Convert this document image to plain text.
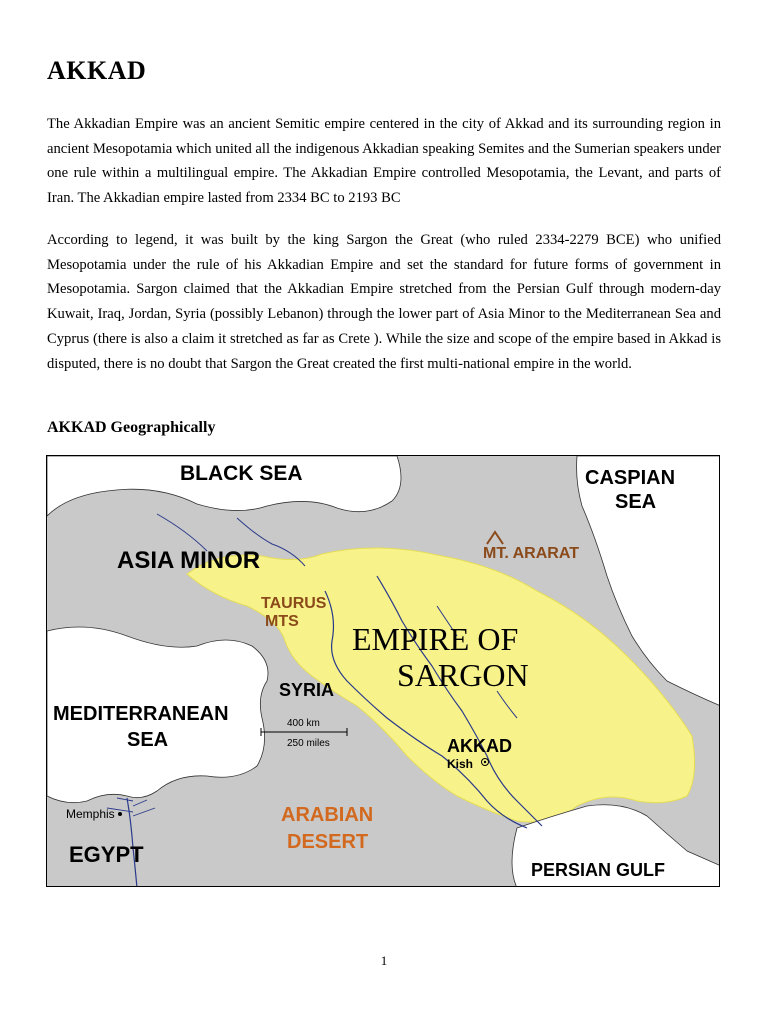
AKKAD

The Akkadian Empire was an ancient Semitic empire centered in the city of Akkad and its surrounding region in ancient Mesopotamia which united all the indigenous Akkadian speaking Semites and the Sumerian speakers under one rule within a multilingual empire. The Akkadian Empire controlled Mesopotamia, the Levant, and parts of Iran. The Akkadian empire lasted from 2334 BC to 2193 BC

According to legend, it was built by the king Sargon the Great (who ruled 2334-2279 BCE) who unified Mesopotamia under the rule of his Akkadian Empire and set the standard for future forms of government in Mesopotamia. Sargon claimed that the Akkadian Empire stretched from the Persian Gulf through modern-day Kuwait, Iraq, Jordan, Syria (possibly Lebanon) through the lower part of Asia Minor to the Mediterranean Sea and Cyprus (there is also a claim it stretched as far as Crete ). While the size and scope of the empire based in Akkad is disputed, there is no doubt that Sargon the Great created the first multi-national empire in the world.

AKKAD Geographically
BLACK SEA	CASPIAN
SEA
ASIA MINOR	MT. ARARAT
TAURUS
MTS EMPIRE OF
SARGON
SYRIA
MEDITERRANEAN
SEA
400 km
250 miles	AKKAD
Kish
Memphis	ARABIAN
DESERT
EGYPT
PERSIAN GULF
1
